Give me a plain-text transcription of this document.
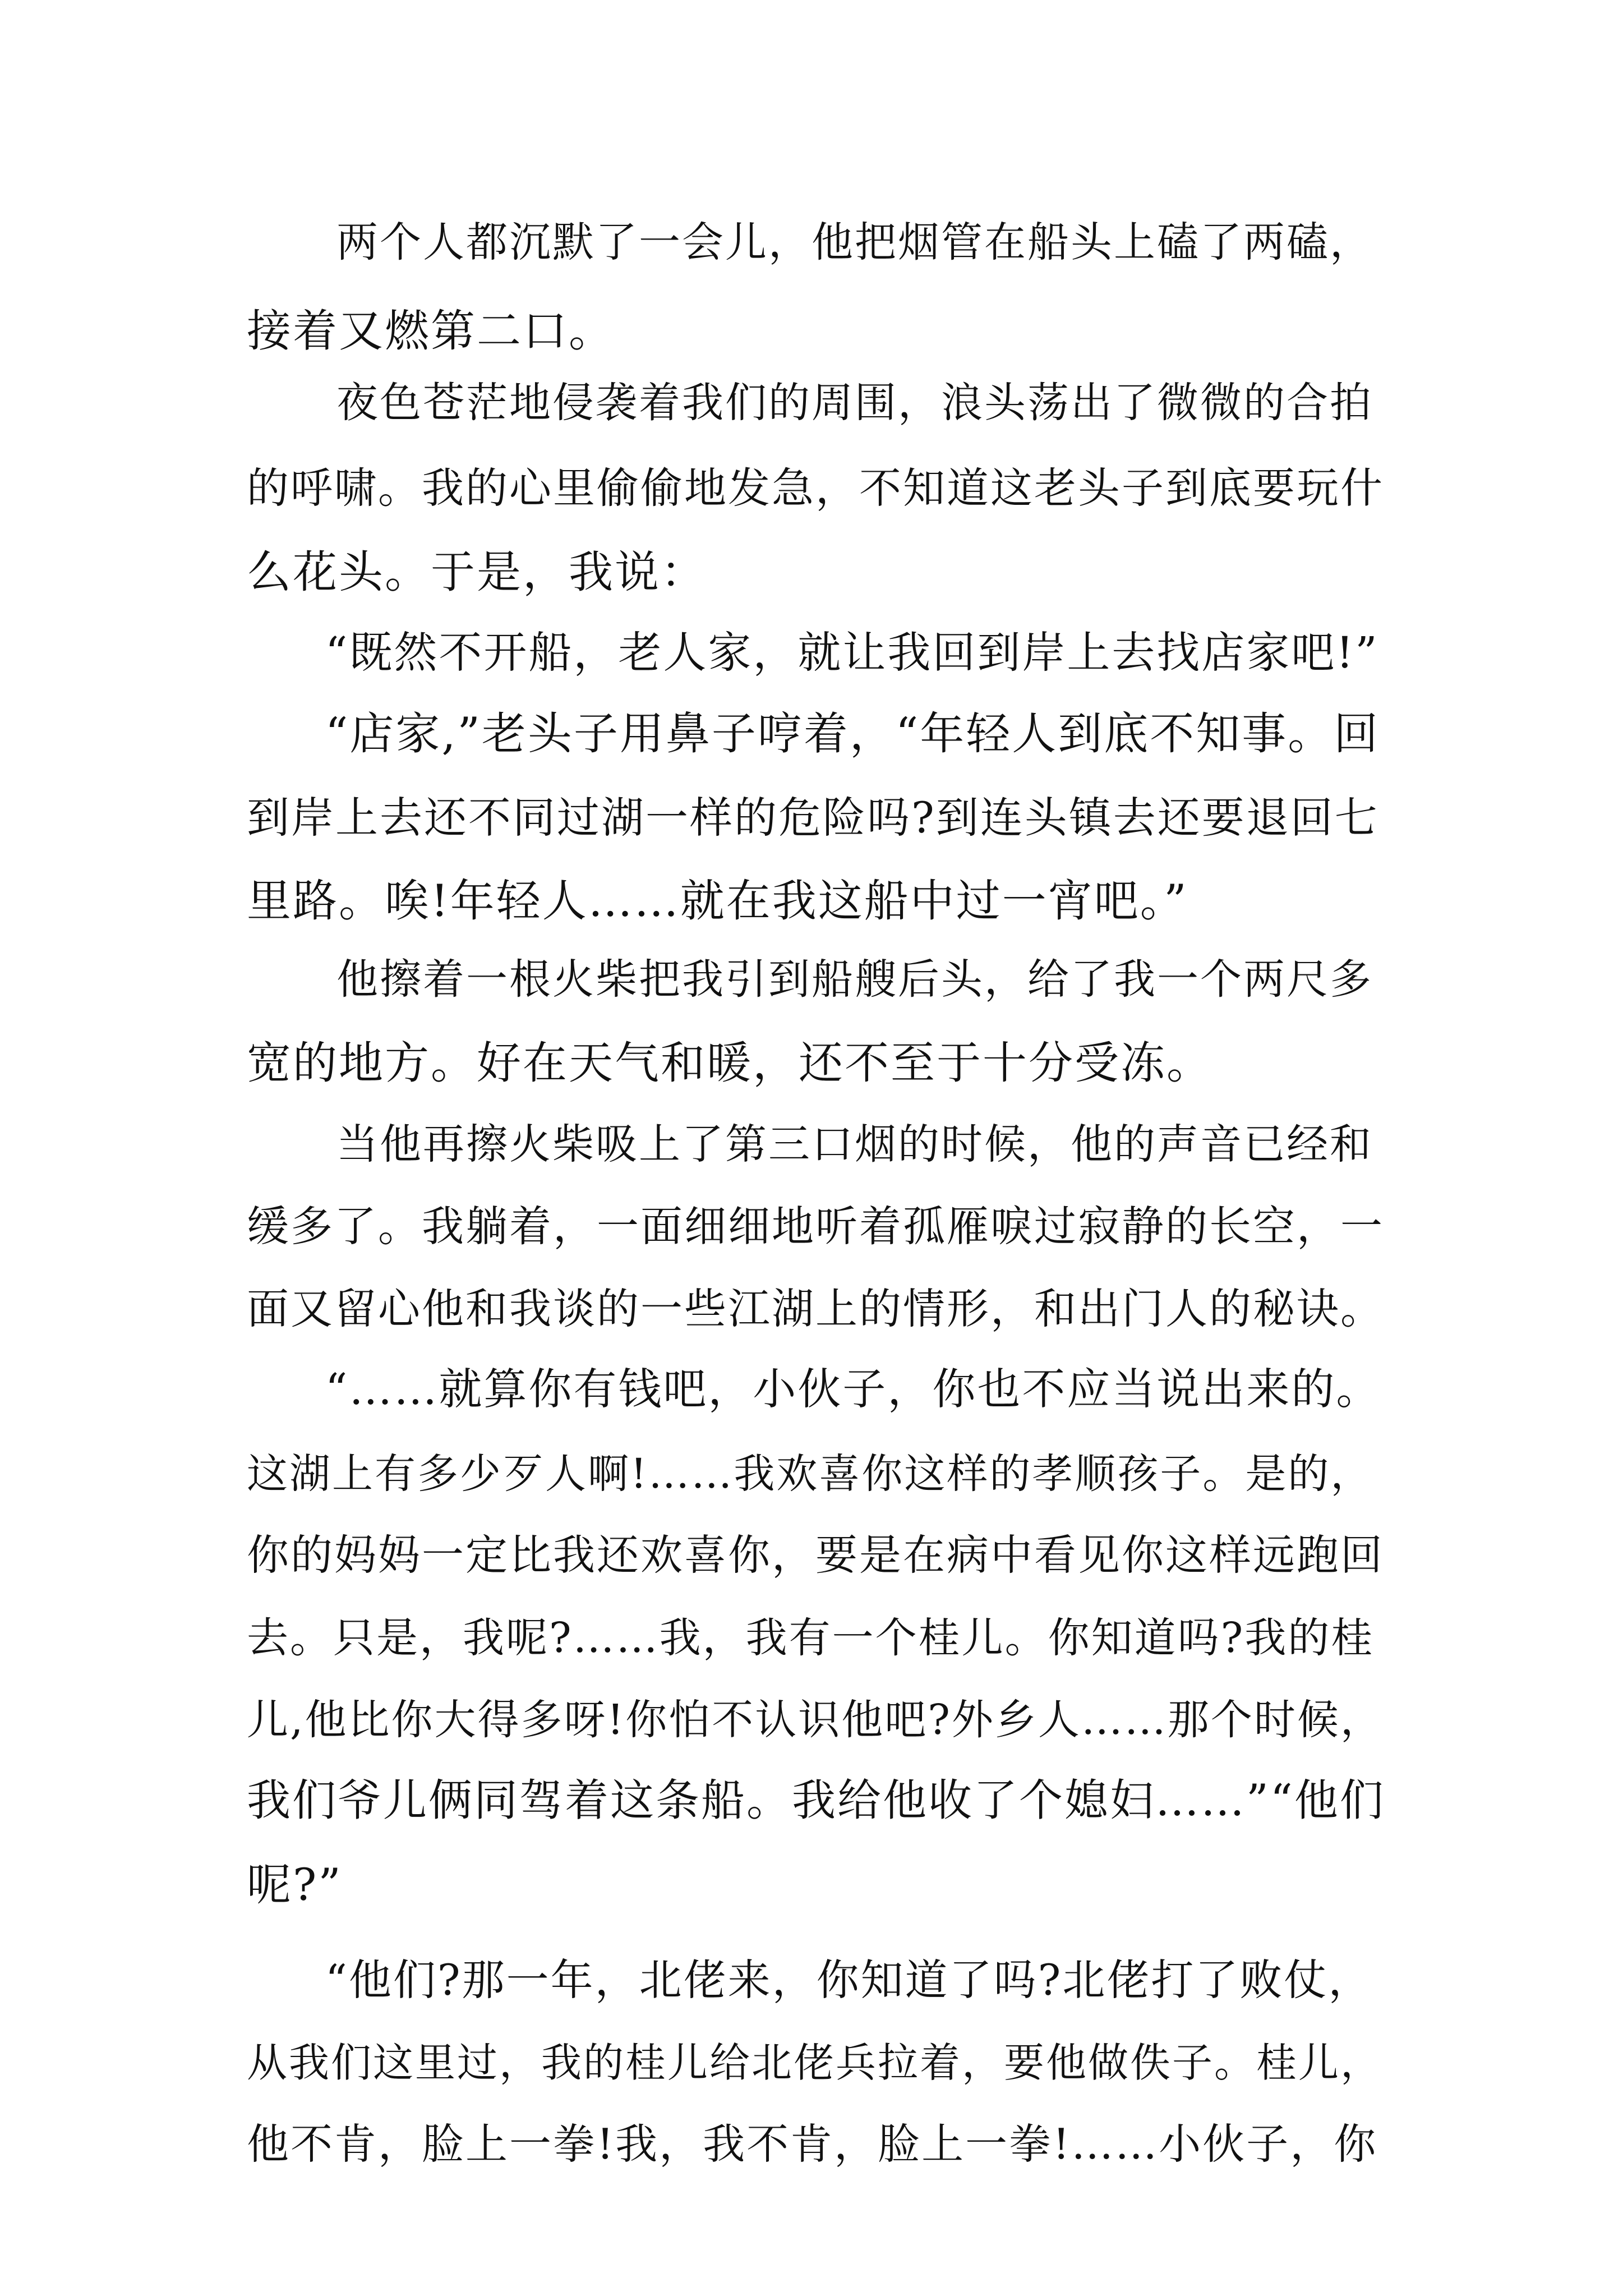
两个人都沉默了一会儿，他把烟管在船头上磕了两磕，

接着又燃第二口。

夜色苍茫地侵袭着我们的周围，浪头荡出了微微的合拍

的呼啸。我的心里偷偷地发急，不知道这老头子到底要玩什

么花头。于是，我说：

“既然不开船，老人家，就让我回到岸上去找店家吧!”

“店家,”老头子用鼻子哼着，“年轻人到底不知事。回

到岸上去还不同过湖一样的危险吗?到连头镇去还要退回七

里路。唉!年轻人……就在我这船中过一宵吧。”

他擦着一根火柴把我引到船艘后头，给了我一个两尺多

宽的地方。好在天气和暖，还不至于十分受冻。

当他再擦火柴吸上了第三口烟的时候，他的声音已经和

缓多了。我躺着，一面细细地听着孤雁唳过寂静的长空，一

面又留心他和我谈的一些江湖上的情形，和出门人的秘诀。

“……就算你有钱吧，小伙子，你也不应当说出来的。

这湖上有多少歹人啊!……我欢喜你这样的孝顺孩子。是的，

你的妈妈一定比我还欢喜你，要是在病中看见你这样远跑回

去。只是，我呢?……我，我有一个桂儿。你知道吗?我的桂

儿,他比你大得多呀!你怕不认识他吧?外乡人……那个时候，

我们爷儿俩同驾着这条船。我给他收了个媳妇……”“他们

呢?”

“他们?那一年，北佬来，你知道了吗?北佬打了败仗，

从我们这里过，我的桂儿给北佬兵拉着，要他做佚子。桂儿，

他不肯，脸上一拳!我，我不肯，脸上一拳!……小伙子，你
